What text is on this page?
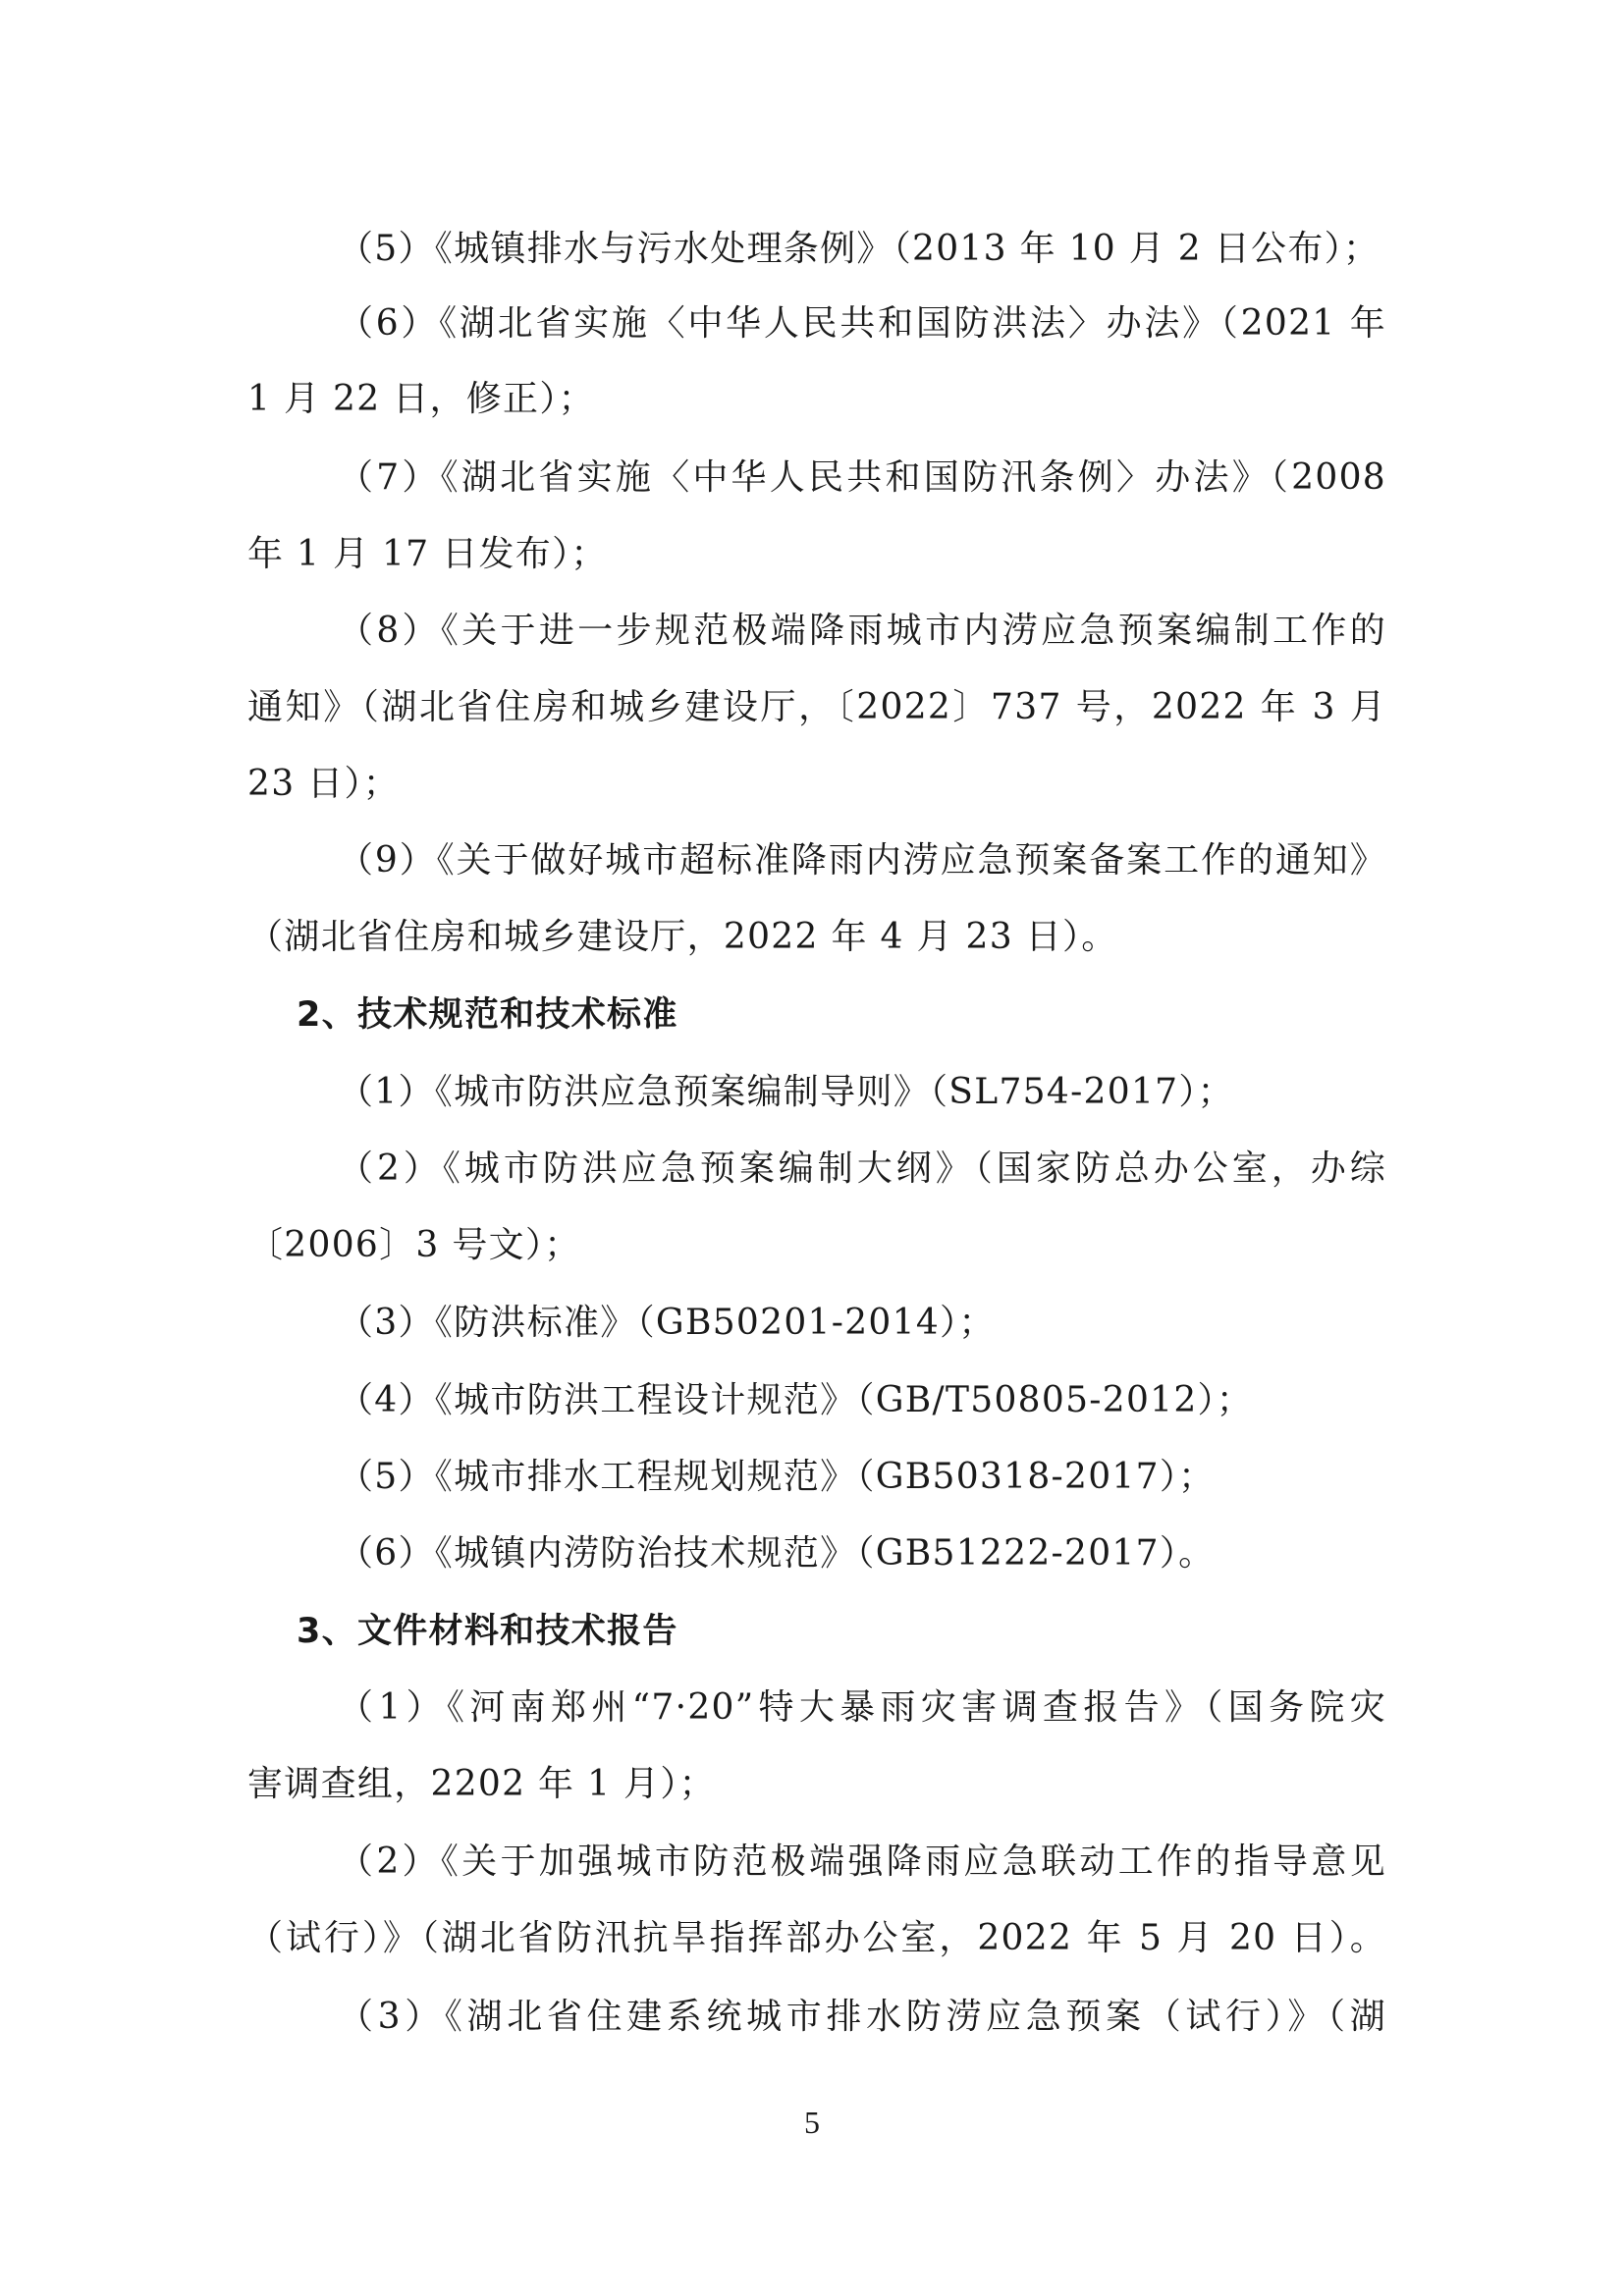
（5）《城镇排水与污水处理条例》（2013 年 10 月 2 日公布）；
（6）《湖北省实施〈中华人民共和国防洪法〉办法》（2021 年
1 月 22 日，修正）；
（7）《湖北省实施〈中华人民共和国防汛条例〉办法》（2008
年 1 月 17 日发布）；
（8）《关于进一步规范极端降雨城市内涝应急预案编制工作的
通知》（湖北省住房和城乡建设厅，〔2022〕737 号，2022 年 3 月
23 日）；
（9）《关于做好城市超标准降雨内涝应急预案备案工作的通知》
（湖北省住房和城乡建设厅，2022 年 4 月 23 日）。
2、技术规范和技术标准
（1）《城市防洪应急预案编制导则》（SL754-2017）；
（2）《城市防洪应急预案编制大纲》（国家防总办公室，办综
〔2006〕3 号文）；
（3）《防洪标准》（GB50201-2014）；
（4）《城市防洪工程设计规范》（GB/T50805-2012）；
（5）《城市排水工程规划规范》（GB50318-2017）；
（6）《城镇内涝防治技术规范》（GB51222-2017）。
3、文件材料和技术报告
（1）《河南郑州“7·20”特大暴雨灾害调查报告》（国务院灾
害调查组，2202 年 1 月）；
（2）《关于加强城市防范极端强降雨应急联动工作的指导意见
（试行）》（湖北省防汛抗旱指挥部办公室，2022 年 5 月 20 日）。
（3）《湖北省住建系统城市排水防涝应急预案（试行）》（湖
5
